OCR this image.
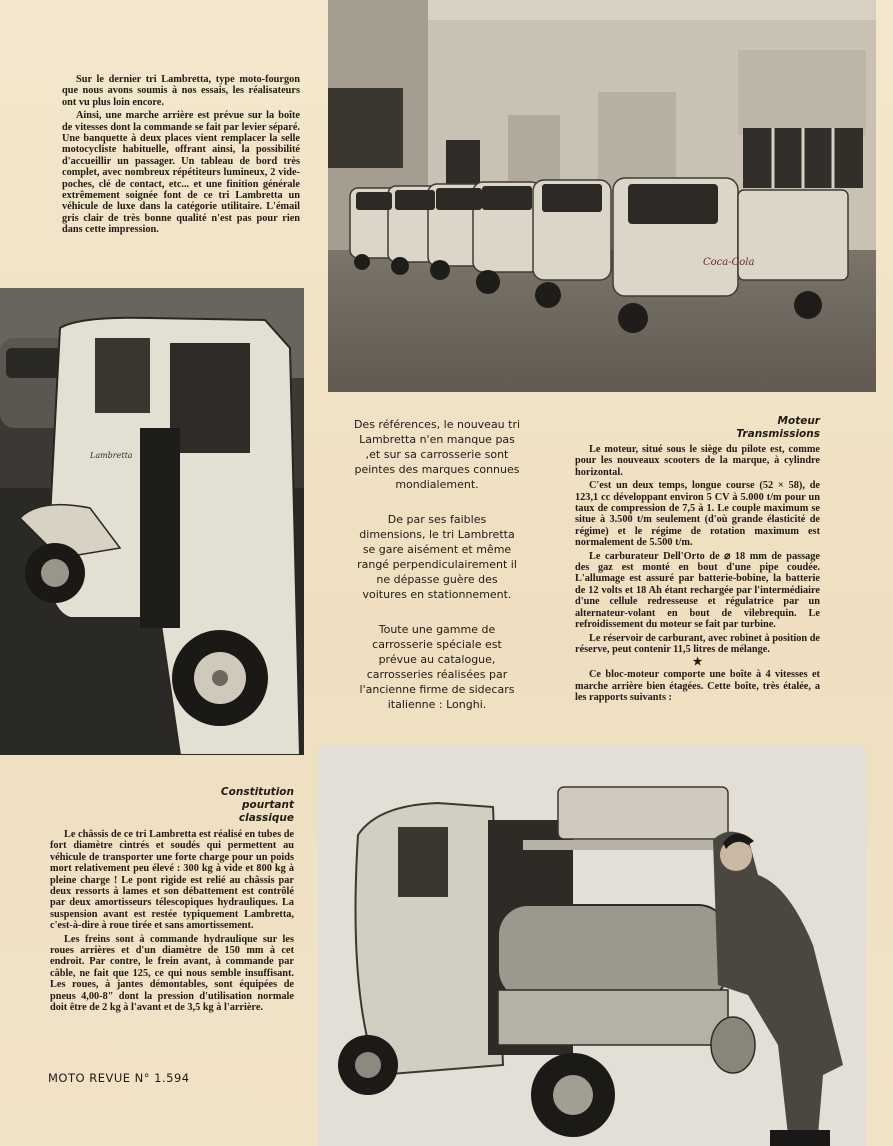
Sur le dernier tri Lambretta, type moto-fourgon que nous avons soumis à nos essais, les réalisateurs ont vu plus loin encore.

Ainsi, une marche arrière est prévue sur la boîte de vitesses dont la commande se fait par levier séparé. Une banquette à deux places vient remplacer la selle motocycliste habituelle, offrant ainsi, la possibilité d'accueillir un passager. Un tableau de bord très complet, avec nombreux répétiteurs lumineux, 2 vide-poches, clé de contact, etc... et une finition générale extrêmement soignée font de ce tri Lambretta un véhicule de luxe dans la catégorie utilitaire. L'émail gris clair de très bonne qualité n'est pas pour rien dans cette impression.

Coca-Cola
Lambretta

Des références, le nouveau tri Lambretta n'en manque pas ,et sur sa carrosserie sont peintes des marques connues mondialement.

De par ses faibles dimensions, le tri Lambretta se gare aisément et même rangé perpendiculairement il ne dépasse guère des voitures en stationnement.

Toute une gamme de carrosserie spéciale est prévue au catalogue, carrosseries réalisées par l'ancienne firme de sidecars italienne : Longhi.

Moteur
Transmissions

Le moteur, situé sous le siège du pilote est, comme pour les nouveaux scooters de la marque, à cylindre horizontal.

C'est un deux temps, longue course (52 × 58), de 123,1 cc développant environ 5 CV à 5.000 t/m pour un taux de compression de 7,5 à 1. Le couple maximum se situe à 3.500 t/m seulement (d'où grande élasticité de régime) et le régime de rotation maximum est normalement de 5.500 t/m.

Le carburateur Dell'Orto de ⌀ 18 mm de passage des gaz est monté en bout d'une pipe coudée. L'allumage est assuré par batterie-bobine, la batterie de 12 volts et 18 Ah étant rechargée par l'intermédiaire d'une cellule redresseuse et régulatrice par un alternateur-volant en bout de vilebrequin. Le refroidissement du moteur se fait par turbine.

Le réservoir de carburant, avec robinet à position de réserve, peut contenir 11,5 litres de mélange.

★

Ce bloc-moteur comporte une boîte à 4 vitesses et marche arrière bien étagées. Cette boîte, très étalée, a les rapports suivants :

Constitution
pourtant
classique

Le châssis de ce tri Lambretta est réalisé en tubes de fort diamètre cintrés et soudés qui permettent au véhicule de transporter une forte charge pour un poids mort relativement peu élevé : 300 kg à vide et 800 kg à pleine charge ! Le pont rigide est relié au châssis par deux ressorts à lames et son débattement est contrôlé par deux amortisseurs télescopiques hydrauliques. La suspension avant est restée typiquement Lambretta, c'est-à-dire à roue tirée et sans amortissement.

Les freins sont à commande hydraulique sur les roues arrières et d'un diamètre de 150 mm à cet endroit. Par contre, le frein avant, à commande par câble, ne fait que 125, ce qui nous semble insuffisant. Les roues, à jantes démontables, sont équipées de pneus 4,00-8" dont la pression d'utilisation normale doit être de 2 kg à l'avant et de 3,5 kg à l'arrière.

MOTO REVUE N° 1.594
